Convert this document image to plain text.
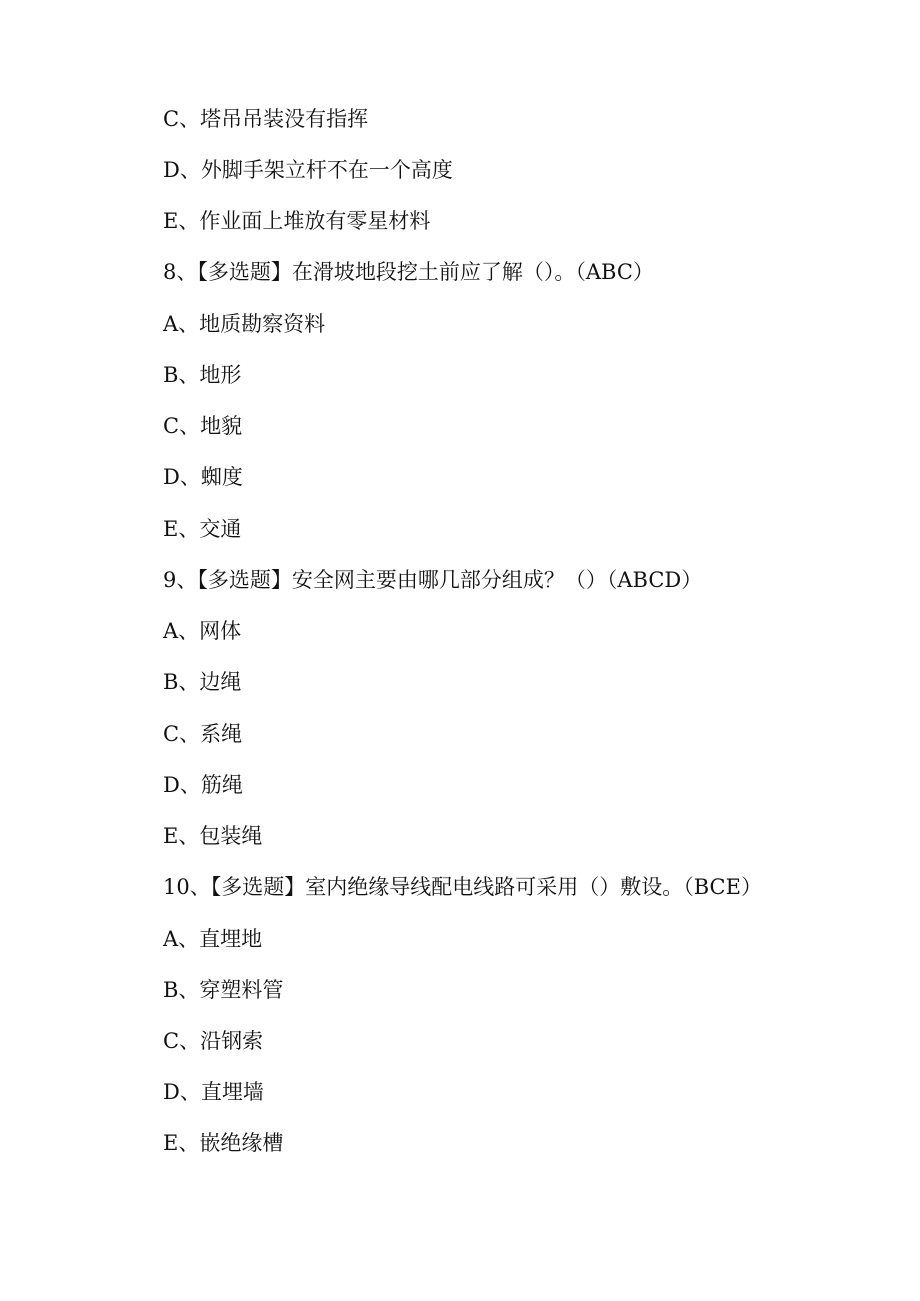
C、塔吊吊装没有指挥
D、外脚手架立杆不在一个高度
E、作业面上堆放有零星材料
8、【多选题】在滑坡地段挖土前应了解（）。（ABC）
A、地质勘察资料
B、地形
C、地貌
D、蜘度
E、交通
9、【多选题】安全网主要由哪几部分组成？（）（ABCD）
A、网体
B、边绳
C、系绳
D、筋绳
E、包装绳
10、【多选题】室内绝缘导线配电线路可采用（）敷设。（BCE）
A、直埋地
B、穿塑料管
C、沿钢索
D、直埋墙
E、嵌绝缘槽
